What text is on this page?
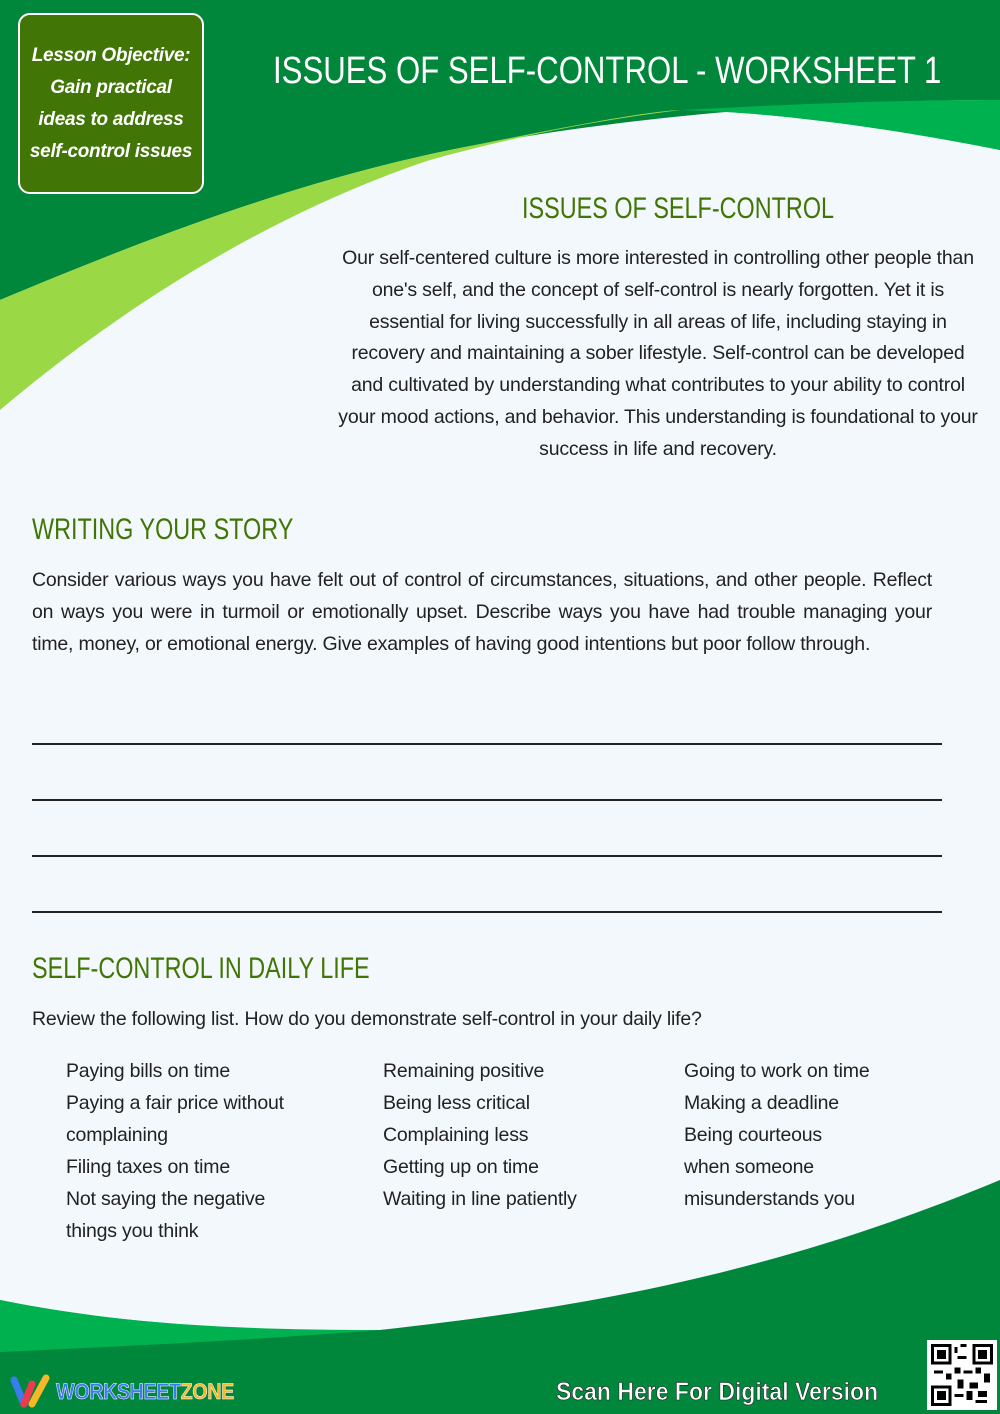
Lesson Objective:
Gain practical
ideas to address
self-control issues
ISSUES OF SELF-CONTROL - WORKSHEET 1
ISSUES OF SELF-CONTROL
Our self-centered culture is more interested in controlling other people than one's self, and the concept of self-control is nearly forgotten. Yet it is essential for living successfully in all areas of life, including staying in recovery and maintaining a sober lifestyle. Self-control can be developed and cultivated by understanding what contributes to your ability to control your mood actions, and behavior. This understanding is foundational to your success in life and recovery.
WRITING YOUR STORY
Consider various ways you have felt out of control of circumstances, situations, and other people. Reflect on ways you were in turmoil or emotionally upset. Describe ways you have had trouble managing your time, money, or emotional energy. Give examples of having good intentions but poor follow through.
SELF-CONTROL IN DAILY LIFE
Review the following list. How do you demonstrate self-control in your daily life?
Paying bills on time
Paying a fair price without
complaining
Filing taxes on time
Not saying the negative
things you think
Remaining positive
Being less critical
Complaining less
Getting up on time
Waiting in line patiently
Going to work on time
Making a deadline
Being courteous
when someone
misunderstands you
WORKSHEETZONE	Scan Here For Digital Version
